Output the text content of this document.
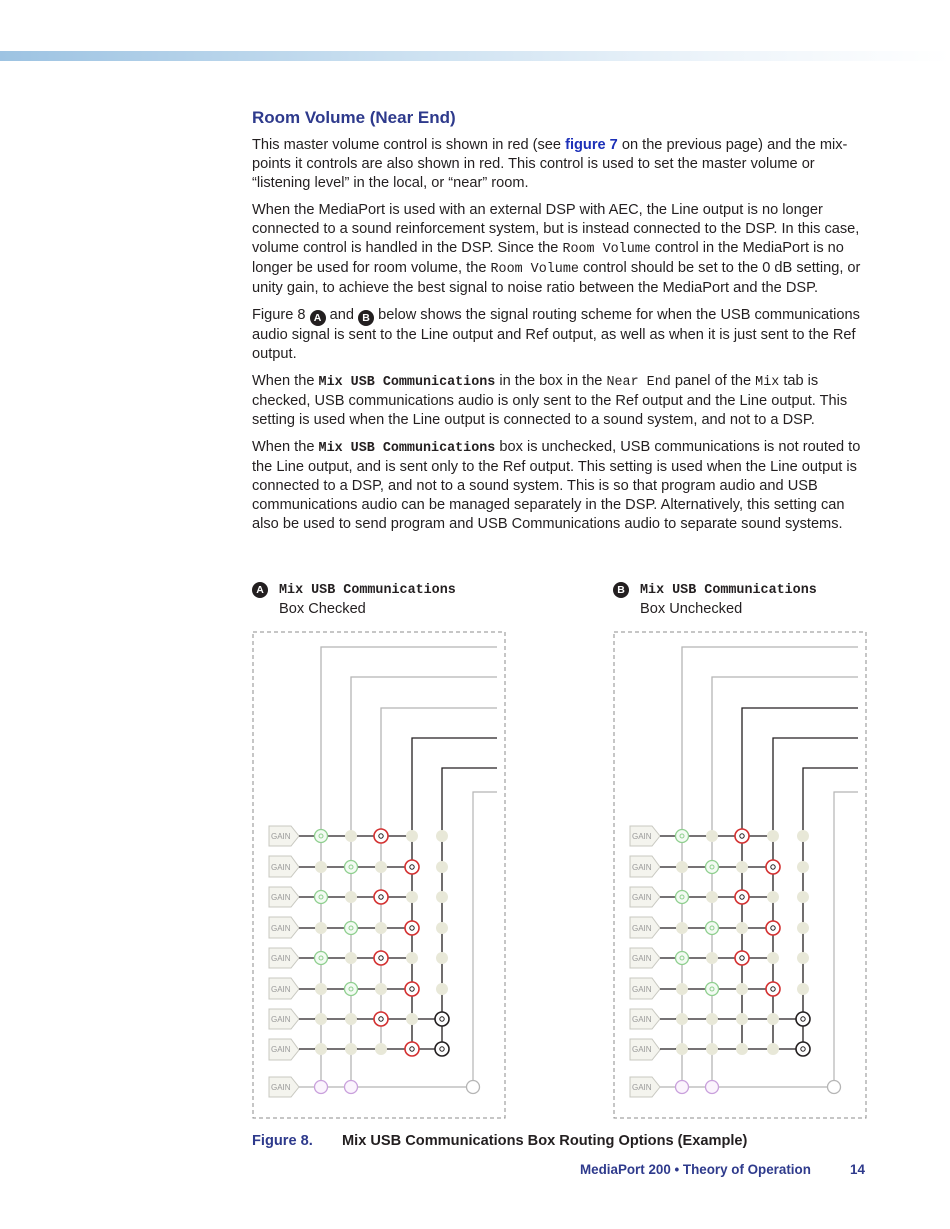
Room Volume (Near End)

This master volume control is shown in red (see figure 7 on the previous page) and the mix-points it controls are also shown in red. This control is used to set the master volume or “listening level” in the local, or “near” room.

When the MediaPort is used with an external DSP with AEC, the Line output is no longer connected to a sound reinforcement system, but is instead connected to the DSP. In this case, volume control is handled in the DSP. Since the Room Volume control in the MediaPort is no longer be used for room volume, the Room Volume control should be set to the 0 dB setting, or unity gain, to achieve the best signal to noise ratio between the MediaPort and the DSP.

Figure 8 A and B below shows the signal routing scheme for when the USB communications audio signal is sent to the Line output and Ref output, as well as when it is just sent to the Ref output.

When the Mix USB Communications in the box in the Near End panel of the Mix tab is checked, USB communications audio is only sent to the Ref output and the Line output. This setting is used when the Line output is connected to a sound system, and not to a DSP.

When the Mix USB Communications box is unchecked, USB communications is not routed to the Line output, and is sent only to the Ref output. This setting is used when the Line output is connected to a DSP, and not to a sound system. This is so that program audio and USB communications audio can be managed separately in the DSP. Alternatively, this setting can also be used to send program and USB Communications audio to separate sound systems.

A	Mix USB Communications
Box Checked
B	Mix USB Communications
Box Unchecked
GAIN
GAIN
GAIN
GAIN
GAIN
GAIN
GAIN
GAIN
GAIN
GAIN
GAIN
GAIN
GAIN
GAIN
GAIN
GAIN
GAIN
GAIN
Figure 8. Mix USB Communications Box Routing Options (Example)
MediaPort 200 • Theory of Operation	14
